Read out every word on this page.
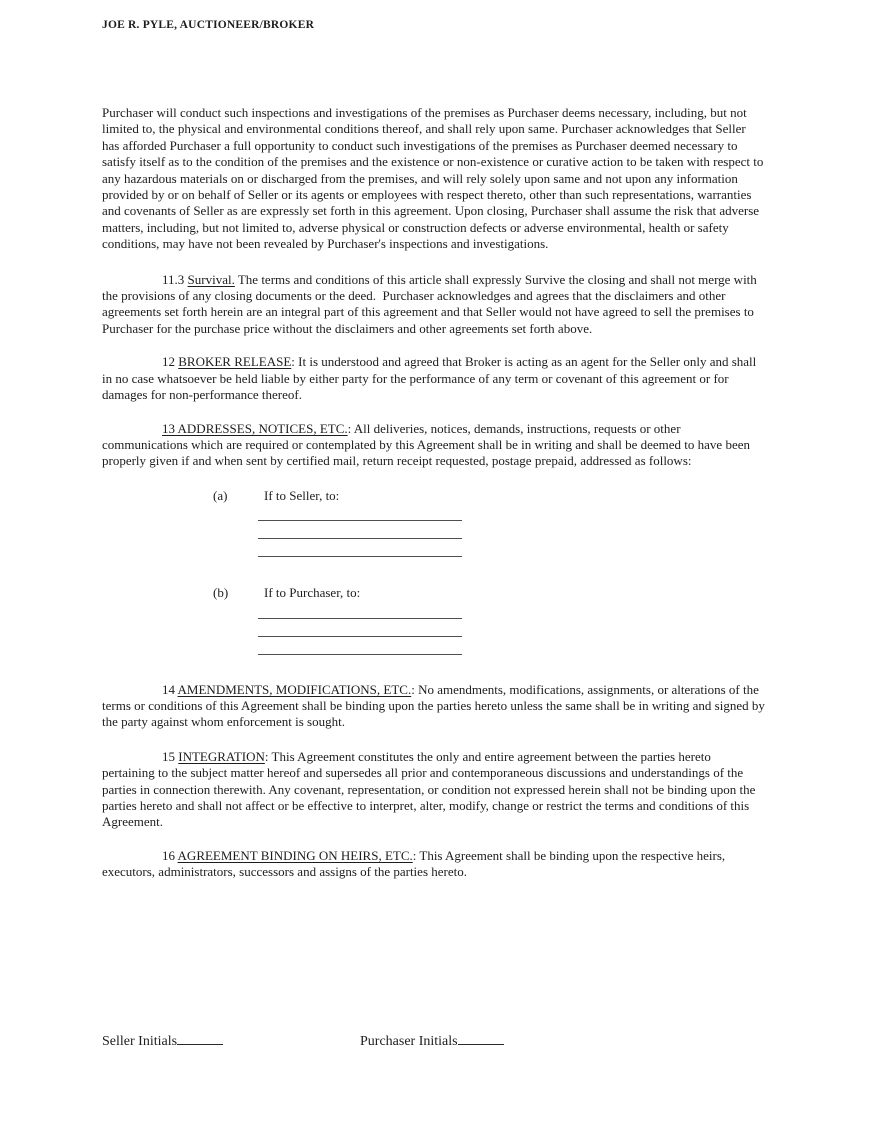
JOE R. PYLE, AUCTIONEER/BROKER

Purchaser will conduct such inspections and investigations of the premises as Purchaser deems necessary, including, but not limited to, the physical and environmental conditions thereof, and shall rely upon same. Purchaser acknowledges that Seller has afforded Purchaser a full opportunity to conduct such investigations of the premises as Purchaser deemed necessary to satisfy itself as to the condition of the premises and the existence or non-existence or curative action to be taken with respect to any hazardous materials on or discharged from the premises, and will rely solely upon same and not upon any information provided by or on behalf of Seller or its agents or employees with respect thereto, other than such representations, warranties and covenants of Seller as are expressly set forth in this agreement. Upon closing, Purchaser shall assume the risk that adverse matters, including, but not limited to, adverse physical or construction defects or adverse environmental, health or safety conditions, may have not been revealed by Purchaser's inspections and investigations.

11.3 Survival. The terms and conditions of this article shall expressly Survive the closing and shall not merge with the provisions of any closing documents or the deed.  Purchaser acknowledges and agrees that the disclaimers and other agreements set forth herein are an integral part of this agreement and that Seller would not have agreed to sell the premises to Purchaser for the purchase price without the disclaimers and other agreements set forth above.

12 BROKER RELEASE: It is understood and agreed that Broker is acting as an agent for the Seller only and shall in no case whatsoever be held liable by either party for the performance of any term or covenant of this agreement or for damages for non-performance thereof.

13 ADDRESSES, NOTICES, ETC.: All deliveries, notices, demands, instructions, requests or other communications which are required or contemplated by this Agreement shall be in writing and shall be deemed to have been properly given if and when sent by certified mail, return receipt requested, postage prepaid, addressed as follows:

(a)	If to Seller, to:
(b)	If to Purchaser, to:

14 AMENDMENTS, MODIFICATIONS, ETC.: No amendments, modifications, assignments, or alterations of the terms or conditions of this Agreement shall be binding upon the parties hereto unless the same shall be in writing and signed by the party against whom enforcement is sought.

15 INTEGRATION: This Agreement constitutes the only and entire agreement between the parties hereto pertaining to the subject matter hereof and supersedes all prior and contemporaneous discussions and understandings of the parties in connection therewith. Any covenant, representation, or condition not expressed herein shall not be binding upon the parties hereto and shall not affect or be effective to interpret, alter, modify, change or restrict the terms and conditions of this Agreement.

16 AGREEMENT BINDING ON HEIRS, ETC.: This Agreement shall be binding upon the respective heirs, executors, administrators, successors and assigns of the parties hereto.

Seller Initials	Purchaser Initials
